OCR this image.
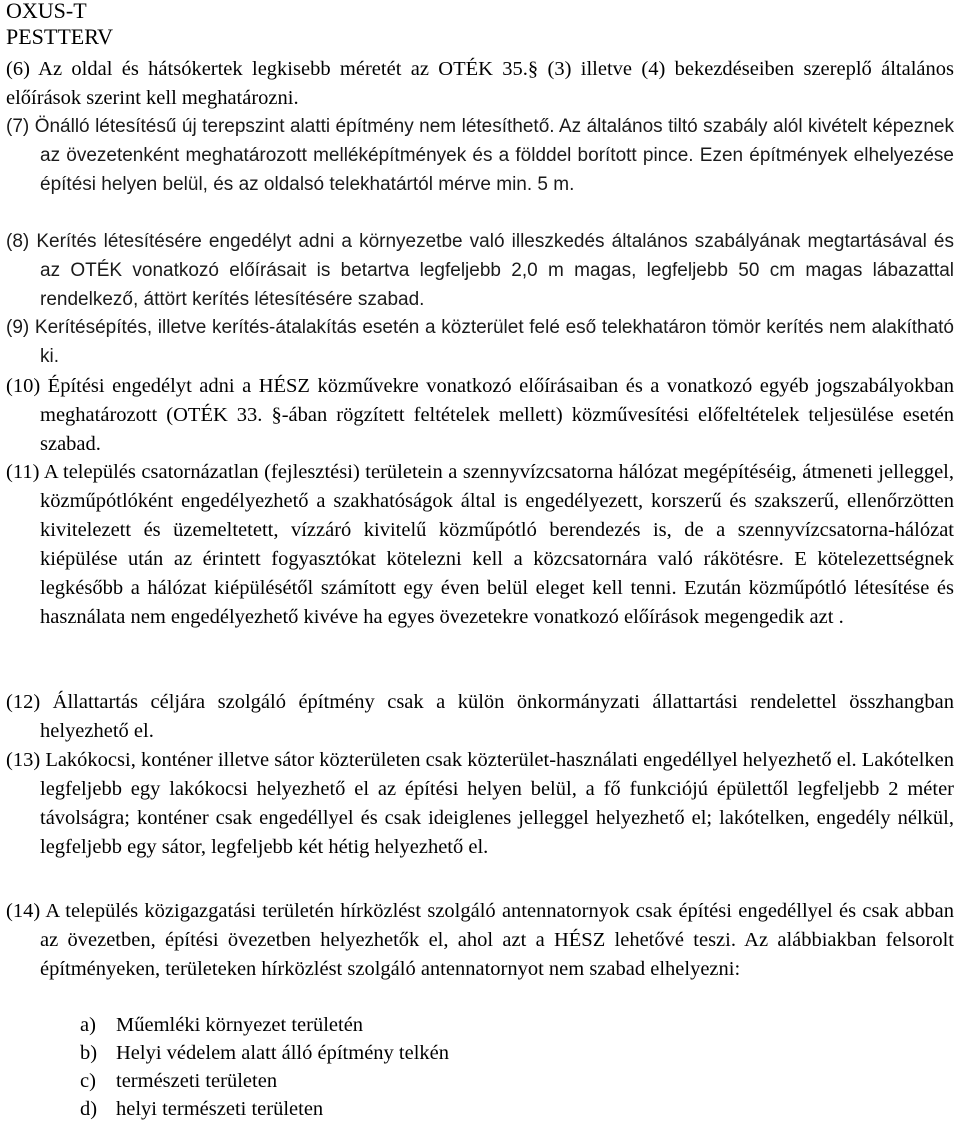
OXUS-T
PESTTERV
(6) Az oldal és hátsókertek legkisebb méretét az OTÉK 35.§ (3) illetve (4) bekezdéseiben szereplő általános előírások szerint kell meghatározni.
(7) Önálló létesítésű új terepszint alatti építmény nem létesíthető. Az általános tiltó szabály alól kivételt képeznek az övezetenként meghatározott melléképítmények és a földdel borított pince. Ezen építmények elhelyezése építési helyen belül, és az oldalsó telekhatártól mérve min. 5 m.
(8) Kerítés létesítésére engedélyt adni a környezetbe való illeszkedés általános szabályának megtartásával és az OTÉK vonatkozó előírásait is betartva legfeljebb 2,0 m magas, legfeljebb 50 cm magas lábazattal rendelkező, áttört kerítés létesítésére szabad.
(9) Kerítésépítés, illetve kerítés-átalakítás esetén a közterület felé eső telekhatáron tömör kerítés nem alakítható ki.
(10) Építési engedélyt adni a HÉSZ közművekre vonatkozó előírásaiban és a vonatkozó egyéb jogszabályokban meghatározott (OTÉK 33. §-ában rögzített feltételek mellett) közművesítési előfeltételek teljesülése esetén szabad.
(11) A település csatornázatlan (fejlesztési) területein a szennyvízcsatorna hálózat megépítéséig, átmeneti jelleggel, közműpótlóként engedélyezhető a szakhatóságok által is engedélyezett, korszerű és szakszerű, ellenőrzötten kivitelezett és üzemeltetett, vízzáró kivitelű közműpótló berendezés is, de a szennyvízcsatorna-hálózat kiépülése után az érintett fogyasztókat kötelezni kell a közcsatornára való rákötésre. E kötelezettségnek legkésőbb a hálózat kiépülésétől számított egy éven belül eleget kell tenni. Ezután közműpótló létesítése és használata nem engedélyezhető kivéve ha egyes övezetekre vonatkozó előírások megengedik azt .
(12) Állattartás céljára szolgáló építmény csak a külön önkormányzati állattartási rendelettel összhangban helyezhető el.
(13) Lakókocsi, konténer illetve sátor közterületen csak közterület-használati engedéllyel helyezhető el. Lakótelken legfeljebb egy lakókocsi helyezhető el az építési helyen belül, a fő funkciójú épülettől legfeljebb 2 méter távolságra; konténer csak engedéllyel és csak ideiglenes jelleggel helyezhető el; lakótelken, engedély nélkül, legfeljebb egy sátor, legfeljebb két hétig helyezhető el.
(14) A település közigazgatási területén hírközlést szolgáló antennatornyok csak építési engedéllyel és csak abban az övezetben, építési övezetben helyezhetők el, ahol azt a HÉSZ lehetővé teszi. Az alábbiakban felsorolt építményeken, területeken hírközlést szolgáló antennatornyot nem szabad elhelyezni:
a) Műemléki környezet területén
b) Helyi védelem alatt álló építmény telkén
c) természeti területen
d) helyi természeti területen
